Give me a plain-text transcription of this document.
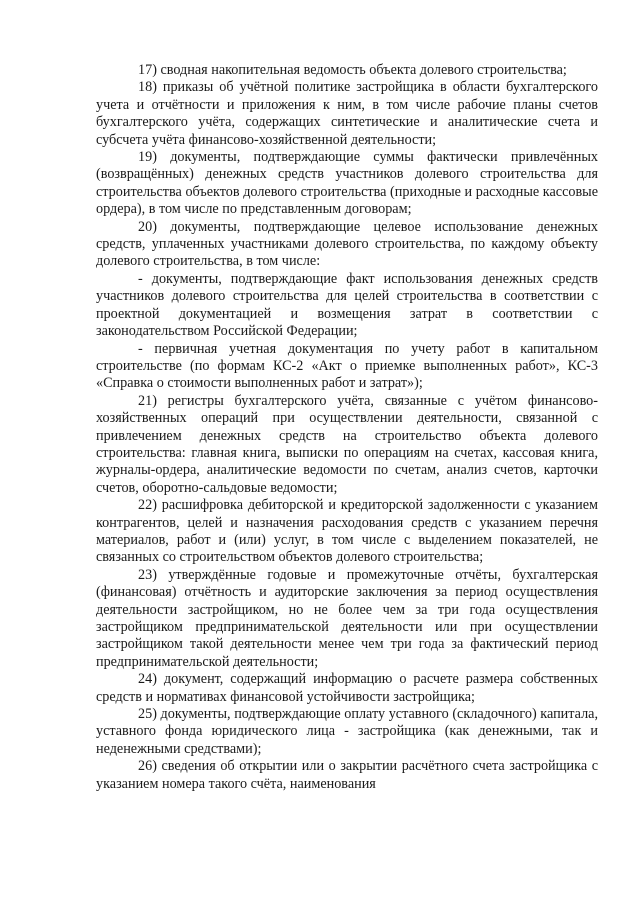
17) сводная накопительная ведомость объекта долевого строительства;

18) приказы об учётной политике застройщика в области бухгалтерского учета и отчётности и приложения к ним, в том числе рабочие планы счетов бухгалтерского учёта, содержащих синтетические и аналитические счета и субсчета учёта финансово-хозяйственной деятельности;

19) документы, подтверждающие суммы фактически привлечённых (возвращённых) денежных средств участников долевого строительства для строительства объектов долевого строительства (приходные и расходные кассовые ордера), в том числе по представленным договорам;

20) документы, подтверждающие целевое использование денежных средств, уплаченных участниками долевого строительства, по каждому объекту долевого строительства, в том числе:

- документы, подтверждающие факт использования денежных средств участников долевого строительства для целей строительства в соответствии с проектной документацией и возмещения затрат в соответствии с законодательством Российской Федерации;

- первичная учетная документация по учету работ в капитальном строительстве (по формам КС-2 «Акт о приемке выполненных работ», КС-3 «Справка о стоимости выполненных работ и затрат»);

21) регистры бухгалтерского учёта, связанные с учётом финансово-хозяйственных операций при осуществлении деятельности, связанной с привлечением денежных средств на строительство объекта долевого строительства: главная книга, выписки по операциям на счетах, кассовая книга, журналы-ордера, аналитические ведомости по счетам, анализ счетов, карточки счетов, оборотно-сальдовые ведомости;

22) расшифровка дебиторской и кредиторской задолженности с указанием контрагентов, целей и назначения расходования средств с указанием перечня материалов, работ и (или) услуг, в том числе с выделением показателей, не связанных со строительством объектов долевого строительства;

23) утверждённые годовые и промежуточные отчёты, бухгалтерская (финансовая) отчётность и аудиторские заключения за период осуществления деятельности застройщиком, но не более чем за три года осуществления застройщиком предпринимательской деятельности или при осуществлении застройщиком такой деятельности менее чем три года за фактический период предпринимательской деятельности;

24) документ, содержащий информацию о расчете размера собственных средств и нормативах финансовой устойчивости застройщика;

25) документы, подтверждающие оплату уставного (складочного) капитала, уставного фонда юридического лица - застройщика (как денежными, так и неденежными средствами);

26) сведения об открытии или о закрытии расчётного счета застройщика с указанием номера такого счёта, наименования
